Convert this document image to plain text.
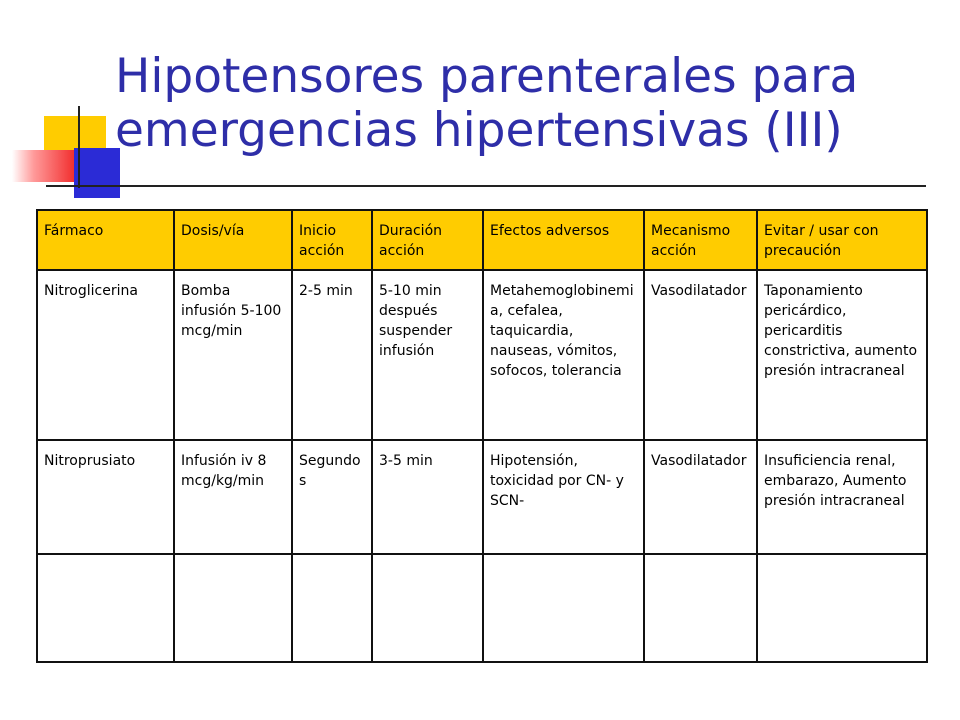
Hipotensores parenterales para
emergencias hipertensivas (III)
Fármaco	Dosis/vía	Inicio acción	Duración acción	Efectos adversos	Mecanismo acción	Evitar / usar con precaución
Nitroglicerina	Bomba infusión 5-100 mcg/min	2-5 min	5-10 min después suspender infusión	Metahemoglobinemia, cefalea, taquicardia, nauseas, vómitos, sofocos, tolerancia	Vasodilatador	Taponamiento pericárdico, pericarditis constrictiva, aumento presión intracraneal
Nitroprusiato	Infusión iv 8 mcg/kg/min	Segundos	3-5 min	Hipotensión, toxicidad por CN- y SCN-	Vasodilatador	Insuficiencia renal, embarazo, Aumento presión intracraneal
